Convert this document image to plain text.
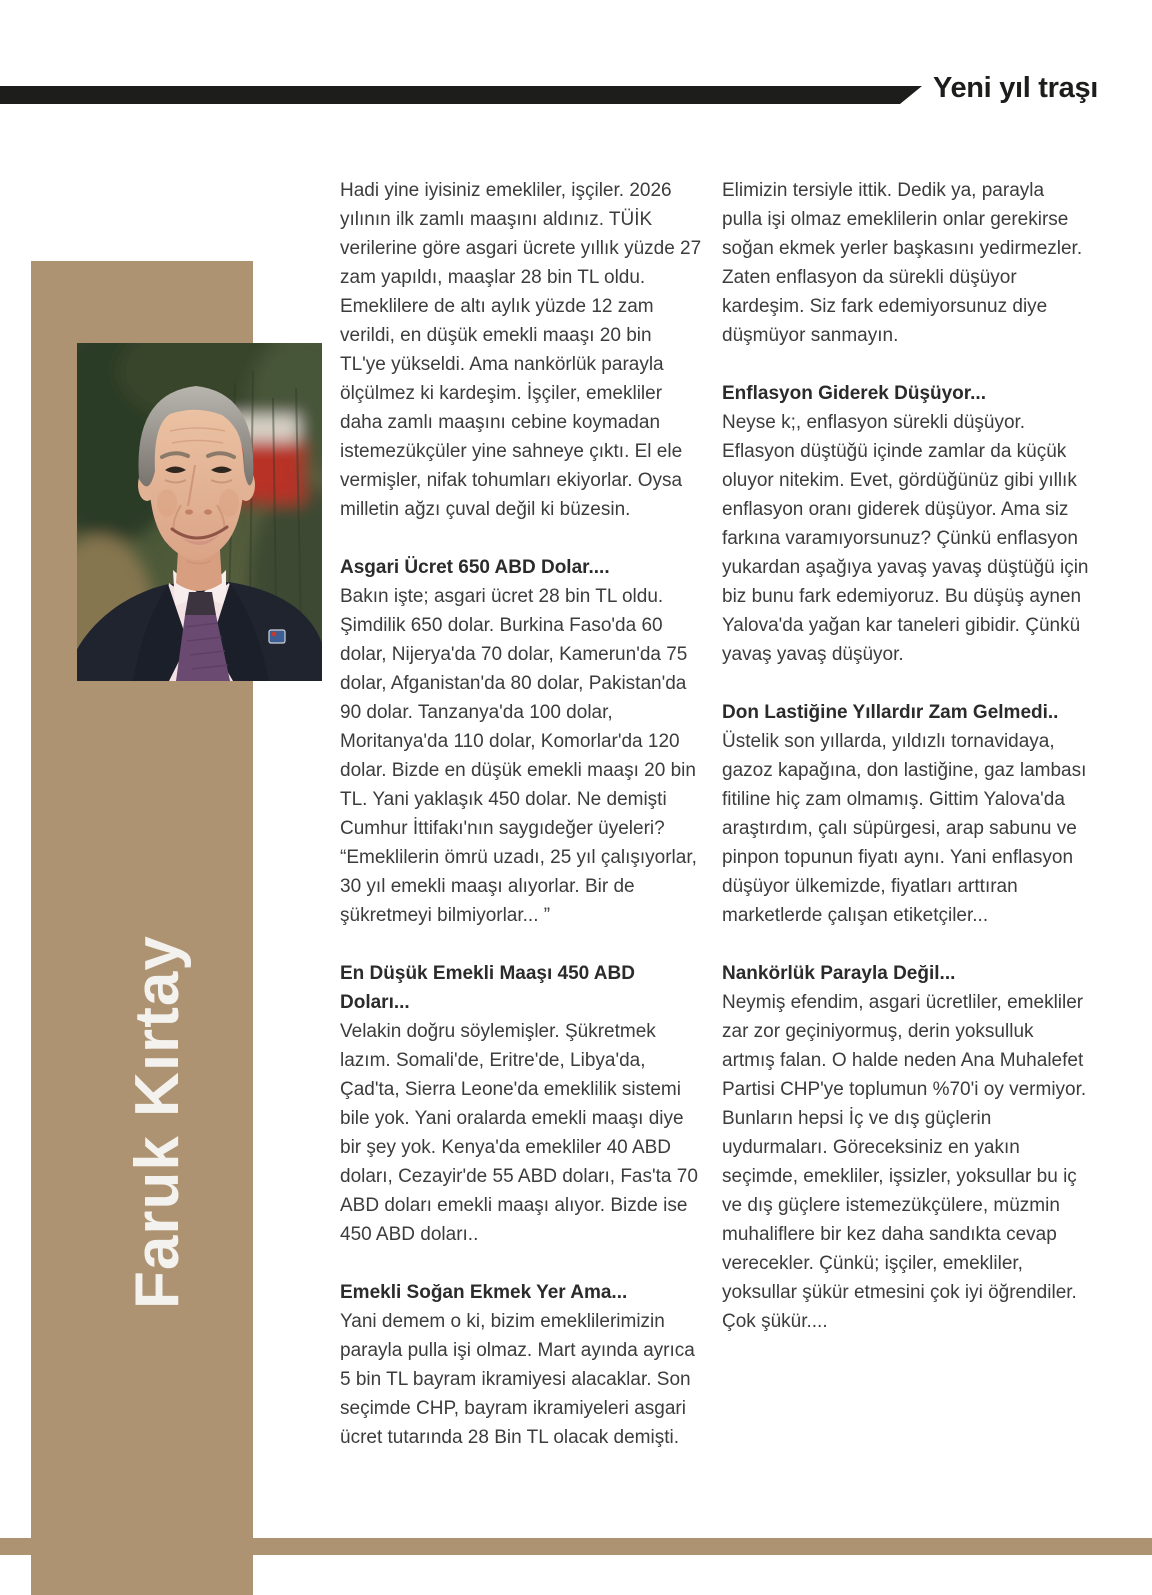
Yeni yıl traşı
Faruk Kırtay

Hadi yine iyisiniz emekliler, işçiler. 2026 yılının ilk zamlı maaşını aldınız. TÜİK verilerine göre asgari ücrete yıllık yüzde 27 zam yapıldı, maaşlar 28 bin TL oldu. Emeklilere de altı aylık yüzde 12 zam verildi, en düşük emekli maaşı 20 bin TL'ye yükseldi. Ama nankörlük parayla ölçülmez ki kardeşim. İşçiler, emekliler daha zamlı maaşını cebine koymadan istemezükçüler yine sahneye çıktı. El ele vermişler, nifak tohumları ekiyorlar. Oysa milletin ağzı çuval değil ki büzesin.

Asgari Ücret 650 ABD Dolar....

Bakın işte; asgari ücret 28 bin TL oldu. Şimdilik 650 dolar. Burkina Faso'da 60 dolar, Nijerya'da 70 dolar, Kamerun'da 75 dolar, Afganistan'da 80 dolar, Pakistan'da 90 dolar. Tanzanya'da 100 dolar, Moritanya'da 110 dolar, Komorlar'da 120 dolar. Bizde en düşük emekli maaşı 20 bin TL. Yani yaklaşık 450 dolar. Ne demişti Cumhur İttifakı'nın saygıdeğer üyeleri? “Emeklilerin ömrü uzadı, 25 yıl çalışıyorlar, 30 yıl emekli maaşı alıyorlar. Bir de şükretmeyi bilmiyorlar... ”

En Düşük Emekli Maaşı 450 ABD Doları...

Velakin doğru söylemişler. Şükretmek lazım. Somali'de, Eritre'de, Libya'da, Çad'ta, Sierra Leone'da emeklilik sistemi bile yok. Yani oralarda emekli maaşı diye bir şey yok. Kenya'da emekliler 40 ABD doları, Cezayir'de 55 ABD doları, Fas'ta 70 ABD doları emekli maaşı alıyor. Bizde ise 450 ABD doları..

Emekli Soğan Ekmek Yer Ama...

Yani demem o ki, bizim emeklilerimizin parayla pulla işi olmaz. Mart ayında ayrıca 5 bin TL bayram ikramiyesi alacaklar. Son seçimde CHP, bayram ikramiyeleri asgari ücret tutarında 28 Bin TL olacak demişti.

Elimizin tersiyle ittik. Dedik ya, parayla pulla işi olmaz emeklilerin onlar gerekirse soğan ekmek yerler başkasını yedirmezler. Zaten enflasyon da sürekli düşüyor kardeşim. Siz fark edemiyorsunuz diye düşmüyor sanmayın.

Enflasyon Giderek Düşüyor...

Neyse k;, enflasyon sürekli düşüyor. Eflasyon düştüğü içinde zamlar da küçük oluyor nitekim. Evet, gördüğünüz gibi yıllık enflasyon oranı giderek düşüyor. Ama siz farkına varamıyorsunuz? Çünkü enflasyon yukardan aşağıya yavaş yavaş düştüğü için biz bunu fark edemiyoruz. Bu düşüş aynen Yalova'da yağan kar taneleri gibidir. Çünkü yavaş yavaş düşüyor.

Don Lastiğine Yıllardır Zam Gelmedi..

Üstelik son yıllarda, yıldızlı tornavidaya, gazoz kapağına, don lastiğine, gaz lambası fitiline hiç zam olmamış. Gittim Yalova'da araştırdım, çalı süpürgesi, arap sabunu ve pinpon topunun fiyatı aynı. Yani enflasyon düşüyor ülkemizde, fiyatları arttıran marketlerde çalışan etiketçiler...

Nankörlük Parayla Değil...

Neymiş efendim, asgari ücretliler, emekliler zar zor geçiniyormuş, derin yoksulluk artmış falan. O halde neden Ana Muhalefet Partisi CHP'ye toplumun %70'i oy vermiyor. Bunların hepsi İç ve dış güçlerin uydurmaları. Göreceksiniz en yakın seçimde, emekliler, işsizler, yoksullar bu iç ve dış güçlere istemezükçülere, müzmin muhaliflere bir kez daha sandıkta cevap verecekler. Çünkü; işçiler, emekliler, yoksullar şükür etmesini çok iyi öğrendiler. Çok şükür....
